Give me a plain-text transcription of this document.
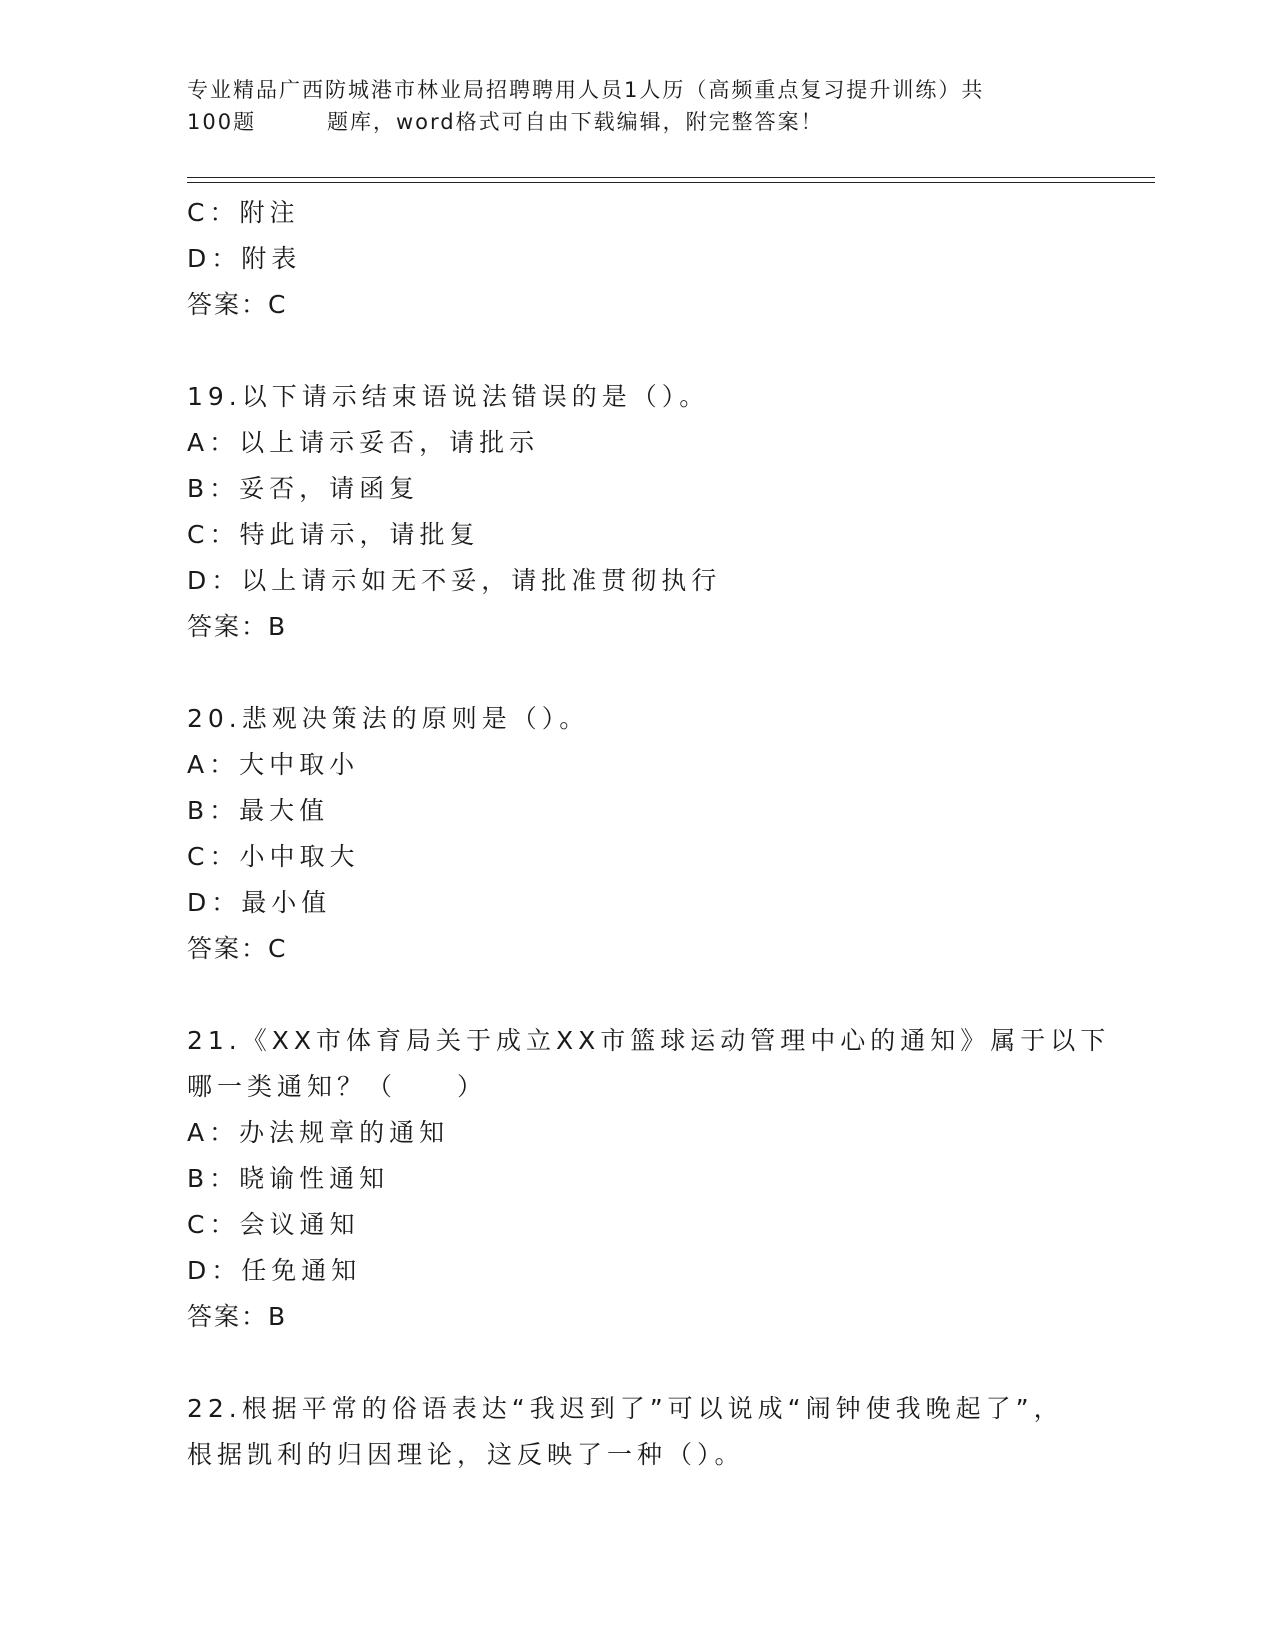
专业精品广西防城港市林业局招聘聘用人员1人历（高频重点复习提升训练）共
100题	题库，word格式可自由下载编辑，附完整答案！
C：附注
D：附表
答案：C
19.以下请示结束语说法错误的是（）。
A：以上请示妥否，请批示
B：妥否，请函复
C：特此请示，请批复
D：以上请示如无不妥，请批准贯彻执行
答案：B
20.悲观决策法的原则是（）。
A：大中取小
B：最大值
C：小中取大
D：最小值
答案：C
21.《XX市体育局关于成立XX市篮球运动管理中心的通知》属于以下
哪一类通知？（　　）
A：办法规章的通知
B：晓谕性通知
C：会议通知
D：任免通知
答案：B
22.根据平常的俗语表达“我迟到了”可以说成“闹钟使我晚起了”，
根据凯利的归因理论，这反映了一种（）。
